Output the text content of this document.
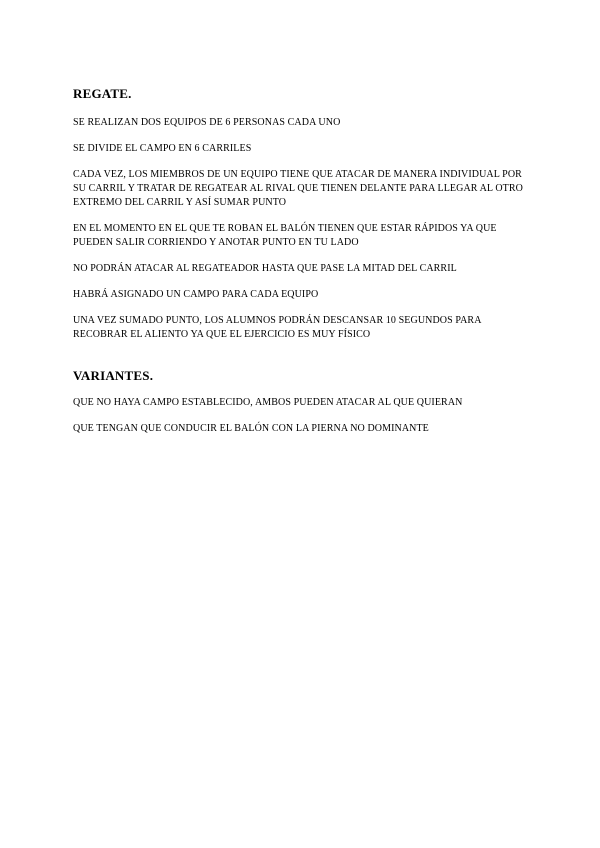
REGATE.

SE REALIZAN DOS EQUIPOS DE 6 PERSONAS CADA UNO

SE DIVIDE EL CAMPO EN 6 CARRILES

CADA VEZ, LOS MIEMBROS DE UN EQUIPO TIENE QUE ATACAR DE MANERA INDIVIDUAL POR SU CARRIL Y TRATAR DE REGATEAR AL RIVAL QUE TIENEN DELANTE PARA LLEGAR AL OTRO EXTREMO DEL CARRIL Y ASÍ SUMAR PUNTO

EN EL MOMENTO EN EL QUE TE ROBAN EL BALÓN TIENEN QUE ESTAR RÁPIDOS YA QUE PUEDEN SALIR CORRIENDO Y ANOTAR PUNTO EN TU LADO

NO PODRÁN ATACAR AL REGATEADOR HASTA QUE PASE LA MITAD DEL CARRIL

HABRÁ ASIGNADO UN CAMPO PARA CADA EQUIPO

UNA VEZ SUMADO PUNTO, LOS ALUMNOS PODRÁN DESCANSAR 10 SEGUNDOS PARA RECOBRAR EL ALIENTO YA QUE EL EJERCICIO ES MUY FÍSICO

VARIANTES.

QUE NO HAYA CAMPO ESTABLECIDO, AMBOS PUEDEN ATACAR AL QUE QUIERAN

QUE TENGAN QUE CONDUCIR EL BALÓN CON LA PIERNA NO DOMINANTE
